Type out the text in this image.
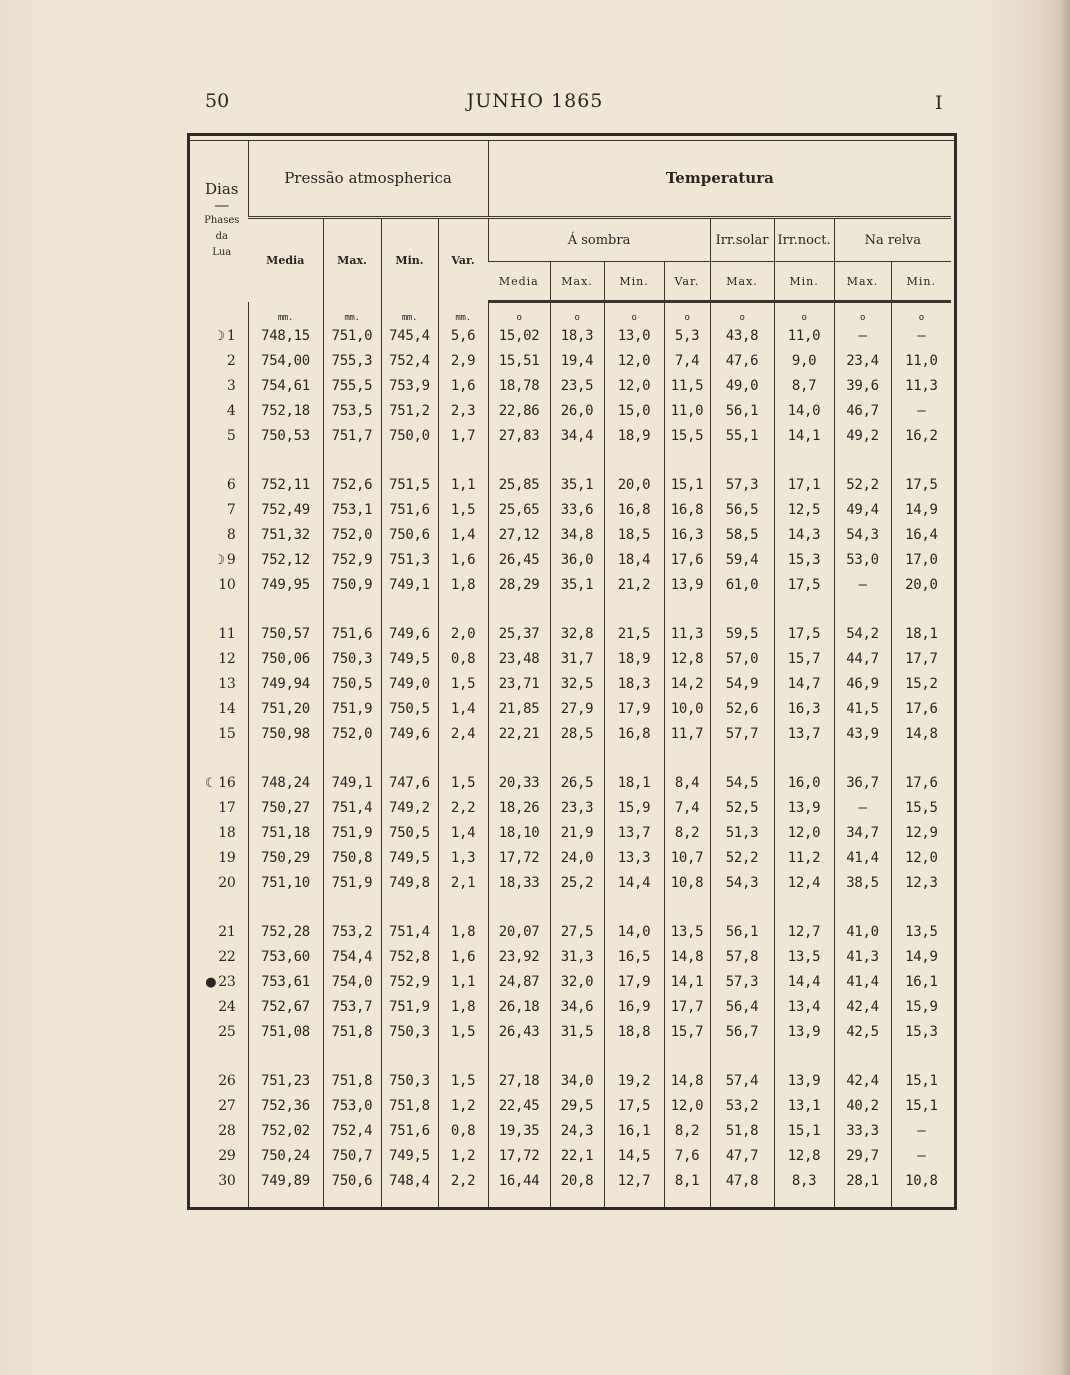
50	JUNHO 1865	I
Dias
—
Phases
da
Lua	Pressão atmospherica				Temperatura							
	Media	Max.	Min.	Var.	Á sombra				Irr.solar	Irr.noct.	Na relva	
					Media	Max.	Min.	Var.	Max.	Min.	Max.	Min.
	mm.	mm.	mm.	mm.	o	o	o	o	o	o	o	o
☽ 1	748,15	751,0	745,4	5,6	15,02	18,3	13,0	5,3	43,8	11,0	—	—
2	754,00	755,3	752,4	2,9	15,51	19,4	12,0	7,4	47,6	9,0	23,4	11,0
3	754,61	755,5	753,9	1,6	18,78	23,5	12,0	11,5	49,0	8,7	39,6	11,3
4	752,18	753,5	751,2	2,3	22,86	26,0	15,0	11,0	56,1	14,0	46,7	—
5	750,53	751,7	750,0	1,7	27,83	34,4	18,9	15,5	55,1	14,1	49,2	16,2

6	752,11	752,6	751,5	1,1	25,85	35,1	20,0	15,1	57,3	17,1	52,2	17,5
7	752,49	753,1	751,6	1,5	25,65	33,6	16,8	16,8	56,5	12,5	49,4	14,9
8	751,32	752,0	750,6	1,4	27,12	34,8	18,5	16,3	58,5	14,3	54,3	16,4
☽ 9	752,12	752,9	751,3	1,6	26,45	36,0	18,4	17,6	59,4	15,3	53,0	17,0
10	749,95	750,9	749,1	1,8	28,29	35,1	21,2	13,9	61,0	17,5	—	20,0

11	750,57	751,6	749,6	2,0	25,37	32,8	21,5	11,3	59,5	17,5	54,2	18,1
12	750,06	750,3	749,5	0,8	23,48	31,7	18,9	12,8	57,0	15,7	44,7	17,7
13	749,94	750,5	749,0	1,5	23,71	32,5	18,3	14,2	54,9	14,7	46,9	15,2
14	751,20	751,9	750,5	1,4	21,85	27,9	17,9	10,0	52,6	16,3	41,5	17,6
15	750,98	752,0	749,6	2,4	22,21	28,5	16,8	11,7	57,7	13,7	43,9	14,8

☾ 16	748,24	749,1	747,6	1,5	20,33	26,5	18,1	8,4	54,5	16,0	36,7	17,6
17	750,27	751,4	749,2	2,2	18,26	23,3	15,9	7,4	52,5	13,9	—	15,5
18	751,18	751,9	750,5	1,4	18,10	21,9	13,7	8,2	51,3	12,0	34,7	12,9
19	750,29	750,8	749,5	1,3	17,72	24,0	13,3	10,7	52,2	11,2	41,4	12,0
20	751,10	751,9	749,8	2,1	18,33	25,2	14,4	10,8	54,3	12,4	38,5	12,3

21	752,28	753,2	751,4	1,8	20,07	27,5	14,0	13,5	56,1	12,7	41,0	13,5
22	753,60	754,4	752,8	1,6	23,92	31,3	16,5	14,8	57,8	13,5	41,3	14,9
● 23	753,61	754,0	752,9	1,1	24,87	32,0	17,9	14,1	57,3	14,4	41,4	16,1
24	752,67	753,7	751,9	1,8	26,18	34,6	16,9	17,7	56,4	13,4	42,4	15,9
25	751,08	751,8	750,3	1,5	26,43	31,5	18,8	15,7	56,7	13,9	42,5	15,3

26	751,23	751,8	750,3	1,5	27,18	34,0	19,2	14,8	57,4	13,9	42,4	15,1
27	752,36	753,0	751,8	1,2	22,45	29,5	17,5	12,0	53,2	13,1	40,2	15,1
28	752,02	752,4	751,6	0,8	19,35	24,3	16,1	8,2	51,8	15,1	33,3	—
29	750,24	750,7	749,5	1,2	17,72	22,1	14,5	7,6	47,7	12,8	29,7	—
30	749,89	750,6	748,4	2,2	16,44	20,8	12,7	8,1	47,8	8,3	28,1	10,8
